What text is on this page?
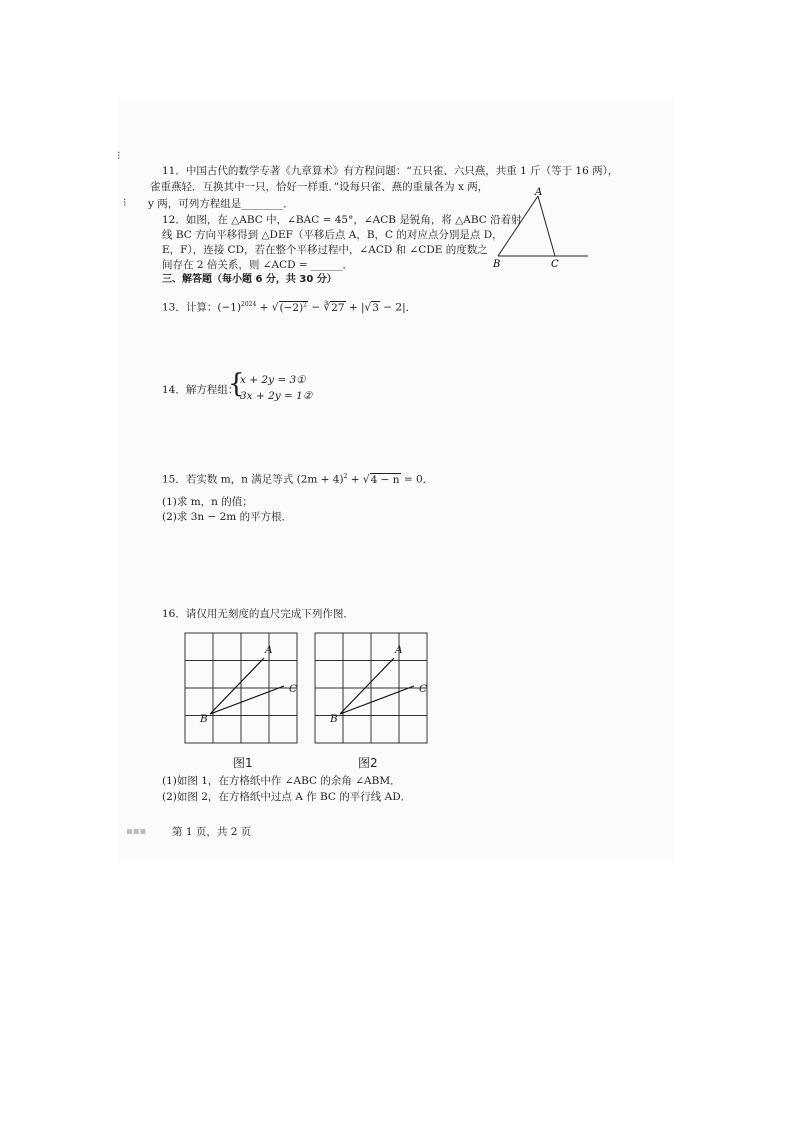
⁝
⁝
11．中国古代的数学专著《九章算术》有方程问题：“五只雀、六只燕，共重 1 斤（等于 16 两），
雀重燕轻．互换其中一只，恰好一样重．”设每只雀、燕的重量各为 x 两，
y 两，可列方程组是________．
12．如图，在 △ABC 中，∠BAC = 45°，∠ACB 是锐角，将 △ABC 沿着射
线 BC 方向平移得到 △DEF（平移后点 A，B，C 的对应点分别是点 D，
E，F），连接 CD，若在整个平移过程中，∠ACD 和 ∠CDE 的度数之
间存在 2 倍关系，则 ∠ACD = ______．
A
B	C
三、解答题（每小题 6 分，共 30 分）
13．计算：$(-1)^{2024} + √(-2)^2$ − ∛27 + |√3 − 2|．
14．解方程组：
{
x + 2y = 3①
3x + 2y = 1②
15．若实数 m，n 满足等式 $(2m + 4)^2 + √4 - n = 0$．
(1)求 m，n 的值；
(2)求 3n − 2m 的平方根．
16．请仅用无刻度的直尺完成下列作图．
A
C
B
图1
A
C
B
图2
(1)如图 1，在方格纸中作 ∠ABC 的余角 ∠ABM．
(2)如图 2，在方格纸中过点 A 作 BC 的平行线 AD．
▪▪▪ 第 1 页，共 2 页
